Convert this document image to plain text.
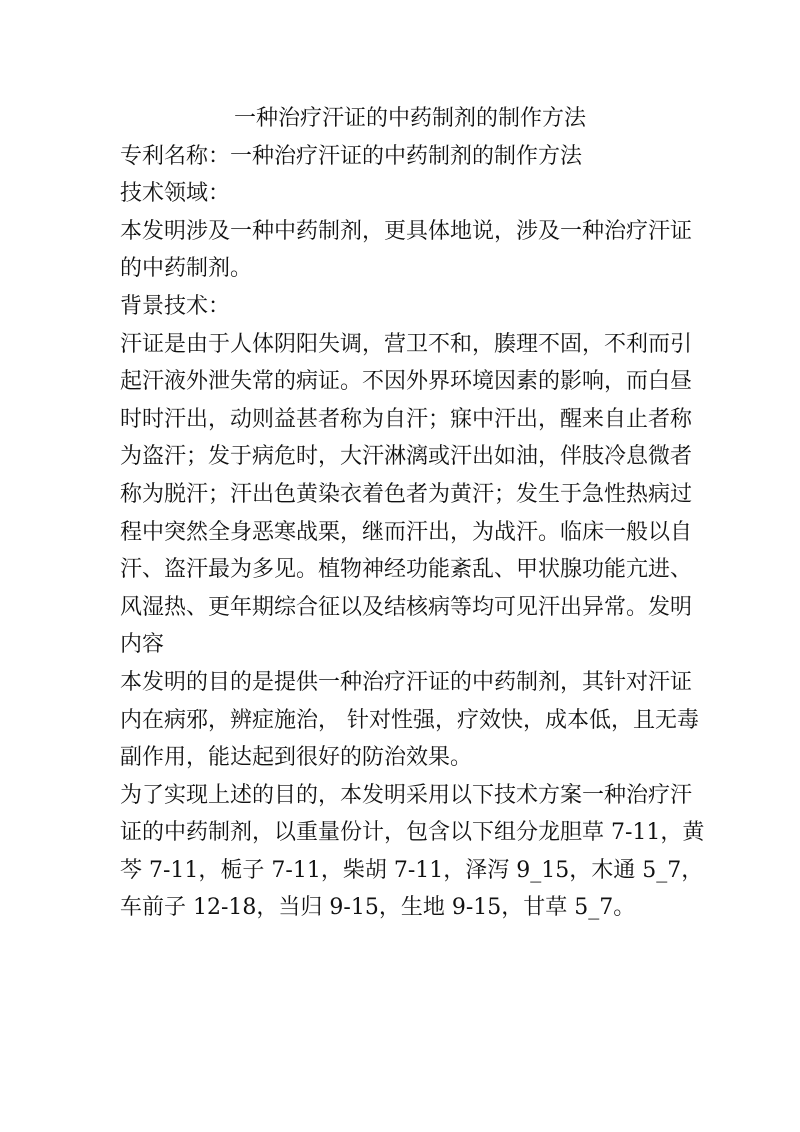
一种治疗汗证的中药制剂的制作方法

专利名称：一种治疗汗证的中药制剂的制作方法

技术领域：

本发明涉及一种中药制剂，更具体地说，涉及一种治疗汗证

的中药制剂。

背景技术：

汗证是由于人体阴阳失调，营卫不和，腠理不固，不利而引

起汗液外泄失常的病证。不因外界环境因素的影响，而白昼

时时汗出，动则益甚者称为自汗；寐中汗出，醒来自止者称

为盗汗；发于病危时，大汗淋漓或汗出如油，伴肢冷息微者

称为脱汗；汗出色黄染衣着色者为黄汗；发生于急性热病过

程中突然全身恶寒战栗，继而汗出，为战汗。临床一般以自

汗、盗汗最为多见。植物神经功能紊乱、甲状腺功能亢进、

风湿热、更年期综合征以及结核病等均可见汗出异常。发明

内容

本发明的目的是提供一种治疗汗证的中药制剂，其针对汗证

内在病邪，辨症施治， 针对性强，疗效快，成本低，且无毒

副作用，能达起到很好的防治效果。

为了实现上述的目的，本发明采用以下技术方案一种治疗汗

证的中药制剂，以重量份计，包含以下组分龙胆草 7-11，黄

芩 7-11，栀子 7-11，柴胡 7-11，泽泻 9_15，木通 5_7，

车前子 12-18，当归 9-15，生地 9-15，甘草 5_7。
